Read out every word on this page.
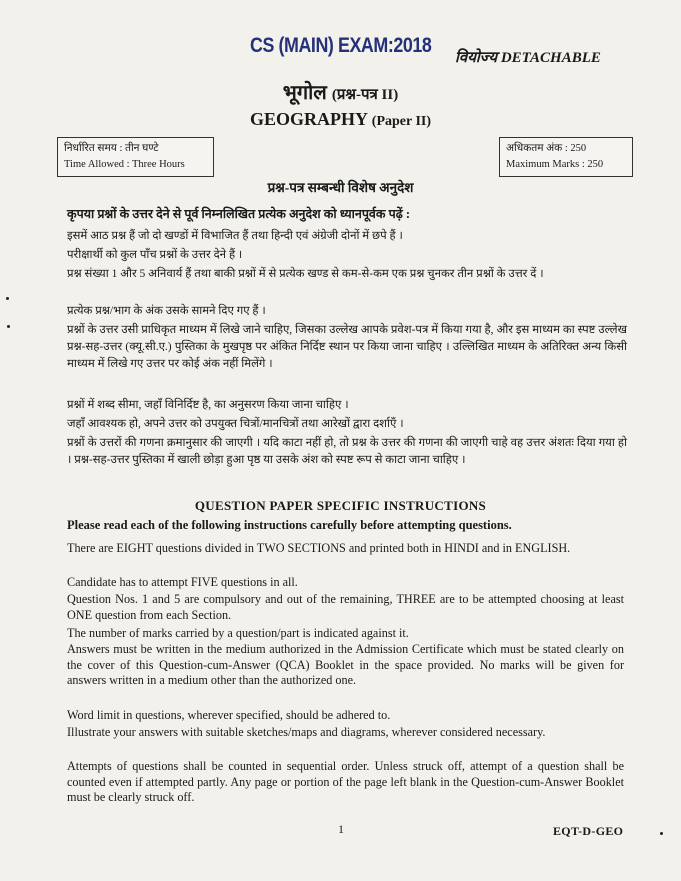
CS (MAIN) EXAM:2018
वियोज्य DETACHABLE
भूगोल (प्रश्न-पत्र II)
GEOGRAPHY (Paper II)
निर्धारित समय : तीन घण्टे
Time Allowed : Three Hours
अधिकतम अंक : 250
Maximum Marks : 250
प्रश्न-पत्र सम्बन्धी विशेष अनुदेश
कृपया प्रश्नों के उत्तर देने से पूर्व निम्नलिखित प्रत्येक अनुदेश को ध्यानपूर्वक पढ़ें :
इसमें आठ प्रश्न हैं जो दो खण्डों में विभाजित हैं तथा हिन्दी एवं अंग्रेजी दोनों में छपे हैं ।
परीक्षार्थी को कुल पाँच प्रश्नों के उत्तर देने हैं ।
प्रश्न संख्या 1 और 5 अनिवार्य हैं तथा बाकी प्रश्नों में से प्रत्येक खण्ड से कम-से-कम एक प्रश्न चुनकर तीन प्रश्नों के उत्तर दें ।
प्रत्येक प्रश्न/भाग के अंक उसके सामने दिए गए हैं ।
प्रश्नों के उत्तर उसी प्राधिकृत माध्यम में लिखे जाने चाहिए, जिसका उल्लेख आपके प्रवेश-पत्र में किया गया है, और इस माध्यम का स्पष्ट उल्लेख प्रश्न-सह-उत्तर (क्यू.सी.ए.) पुस्तिका के मुखपृष्ठ पर अंकित निर्दिष्ट स्थान पर किया जाना चाहिए । उल्लिखित माध्यम के अतिरिक्त अन्य किसी माध्यम में लिखे गए उत्तर पर कोई अंक नहीं मिलेंगे ।
प्रश्नों में शब्द सीमा, जहाँ विनिर्दिष्ट है, का अनुसरण किया जाना चाहिए ।
जहाँ आवश्यक हो, अपने उत्तर को उपयुक्त चित्रों/मानचित्रों तथा आरेखों द्वारा दर्शाएँ ।
प्रश्नों के उत्तरों की गणना क्रमानुसार की जाएगी । यदि काटा नहीं हो, तो प्रश्न के उत्तर की गणना की जाएगी चाहे वह उत्तर अंशतः दिया गया हो । प्रश्न-सह-उत्तर पुस्तिका में खाली छोड़ा हुआ पृष्ठ या उसके अंश को स्पष्ट रूप से काटा जाना चाहिए ।
QUESTION PAPER SPECIFIC INSTRUCTIONS
Please read each of the following instructions carefully before attempting questions.
There are EIGHT questions divided in TWO SECTIONS and printed both in HINDI and in ENGLISH.
Candidate has to attempt FIVE questions in all.
Question Nos. 1 and 5 are compulsory and out of the remaining, THREE are to be attempted choosing at least ONE question from each Section.
The number of marks carried by a question/part is indicated against it.
Answers must be written in the medium authorized in the Admission Certificate which must be stated clearly on the cover of this Question-cum-Answer (QCA) Booklet in the space provided. No marks will be given for answers written in a medium other than the authorized one.
Word limit in questions, wherever specified, should be adhered to.
Illustrate your answers with suitable sketches/maps and diagrams, wherever considered necessary.
Attempts of questions shall be counted in sequential order. Unless struck off, attempt of a question shall be counted even if attempted partly. Any page or portion of the page left blank in the Question-cum-Answer Booklet must be clearly struck off.
1	EQT-D-GEO
